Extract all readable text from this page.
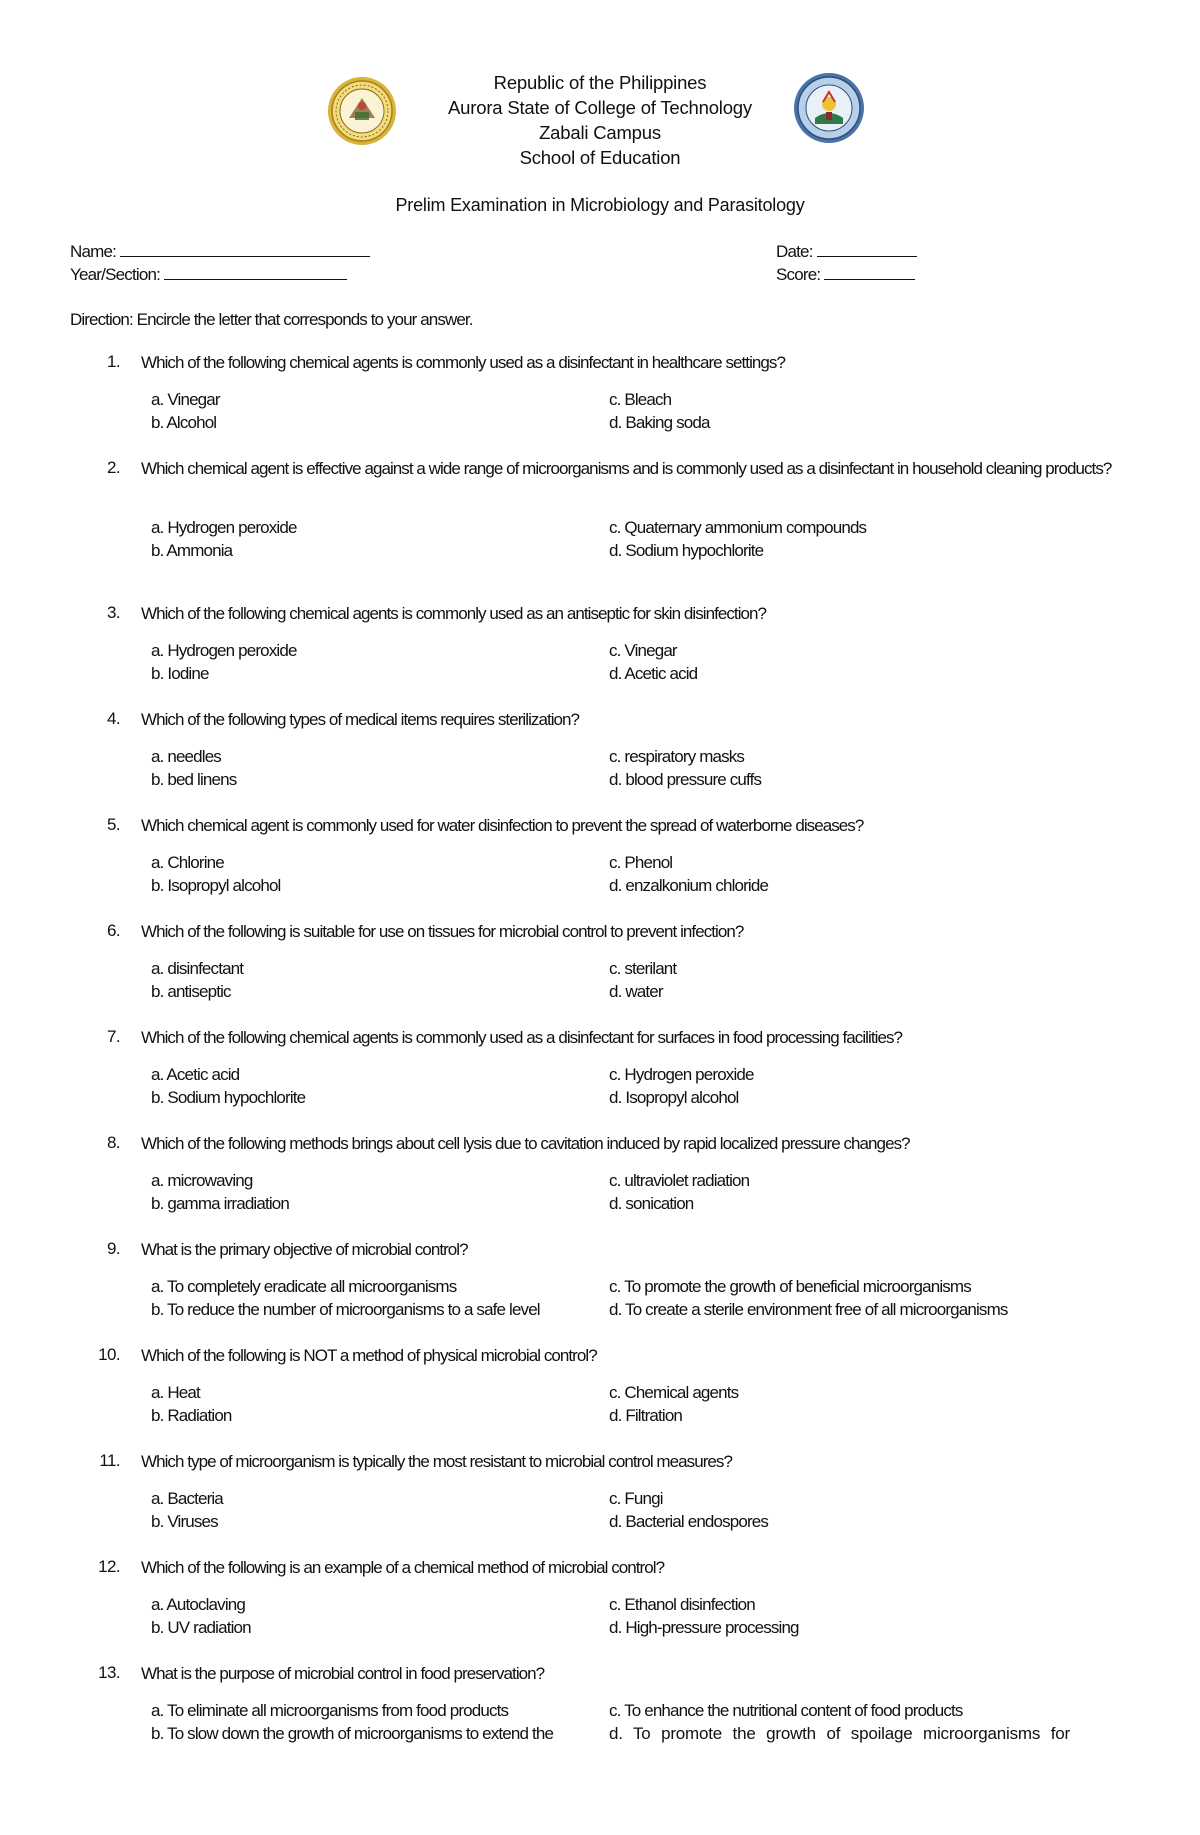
Republic of the Philippines
Aurora State of College of Technology
Zabali Campus
School of Education
Prelim Examination in Microbiology and Parasitology
Name:
Year/Section:
Date:
Score:
Direction: Encircle the letter that corresponds to your answer.
1. Which of the following chemical agents is commonly used as a disinfectant in healthcare settings?
a. Vinegar
b. Alcohol
c. Bleach
d. Baking soda
2. Which chemical agent is effective against a wide range of microorganisms and is commonly used as a disinfectant in household cleaning products?
a. Hydrogen peroxide
b. Ammonia
c. Quaternary ammonium compounds
d. Sodium hypochlorite
3. Which of the following chemical agents is commonly used as an antiseptic for skin disinfection?
a. Hydrogen peroxide
b. Iodine
c. Vinegar
d. Acetic acid
4. Which of the following types of medical items requires sterilization?
a. needles
b. bed linens
c. respiratory masks
d. blood pressure cuffs
5. Which chemical agent is commonly used for water disinfection to prevent the spread of waterborne diseases?
a. Chlorine
b. Isopropyl alcohol
c. Phenol
d. enzalkonium chloride
6. Which of the following is suitable for use on tissues for microbial control to prevent infection?
a. disinfectant
b. antiseptic
c. sterilant
d. water
7. Which of the following chemical agents is commonly used as a disinfectant for surfaces in food processing facilities?
a. Acetic acid
b. Sodium hypochlorite
c. Hydrogen peroxide
d. Isopropyl alcohol
8. Which of the following methods brings about cell lysis due to cavitation induced by rapid localized pressure changes?
a. microwaving
b. gamma irradiation
c. ultraviolet radiation
d. sonication
9. What is the primary objective of microbial control?
a. To completely eradicate all microorganisms
b. To reduce the number of microorganisms to a safe level
c. To promote the growth of beneficial microorganisms
d. To create a sterile environment free of all microorganisms
10. Which of the following is NOT a method of physical microbial control?
a. Heat
b. Radiation
c. Chemical agents
d. Filtration
11. Which type of microorganism is typically the most resistant to microbial control measures?
a. Bacteria
b. Viruses
c. Fungi
d. Bacterial endospores
12. Which of the following is an example of a chemical method of microbial control?
a. Autoclaving
b. UV radiation
c. Ethanol disinfection
d. High-pressure processing
13. What is the purpose of microbial control in food preservation?
a. To eliminate all microorganisms from food products
b. To slow down the growth of microorganisms to extend the
c. To enhance the nutritional content of food products
d. To promote the growth of spoilage microorganisms for
